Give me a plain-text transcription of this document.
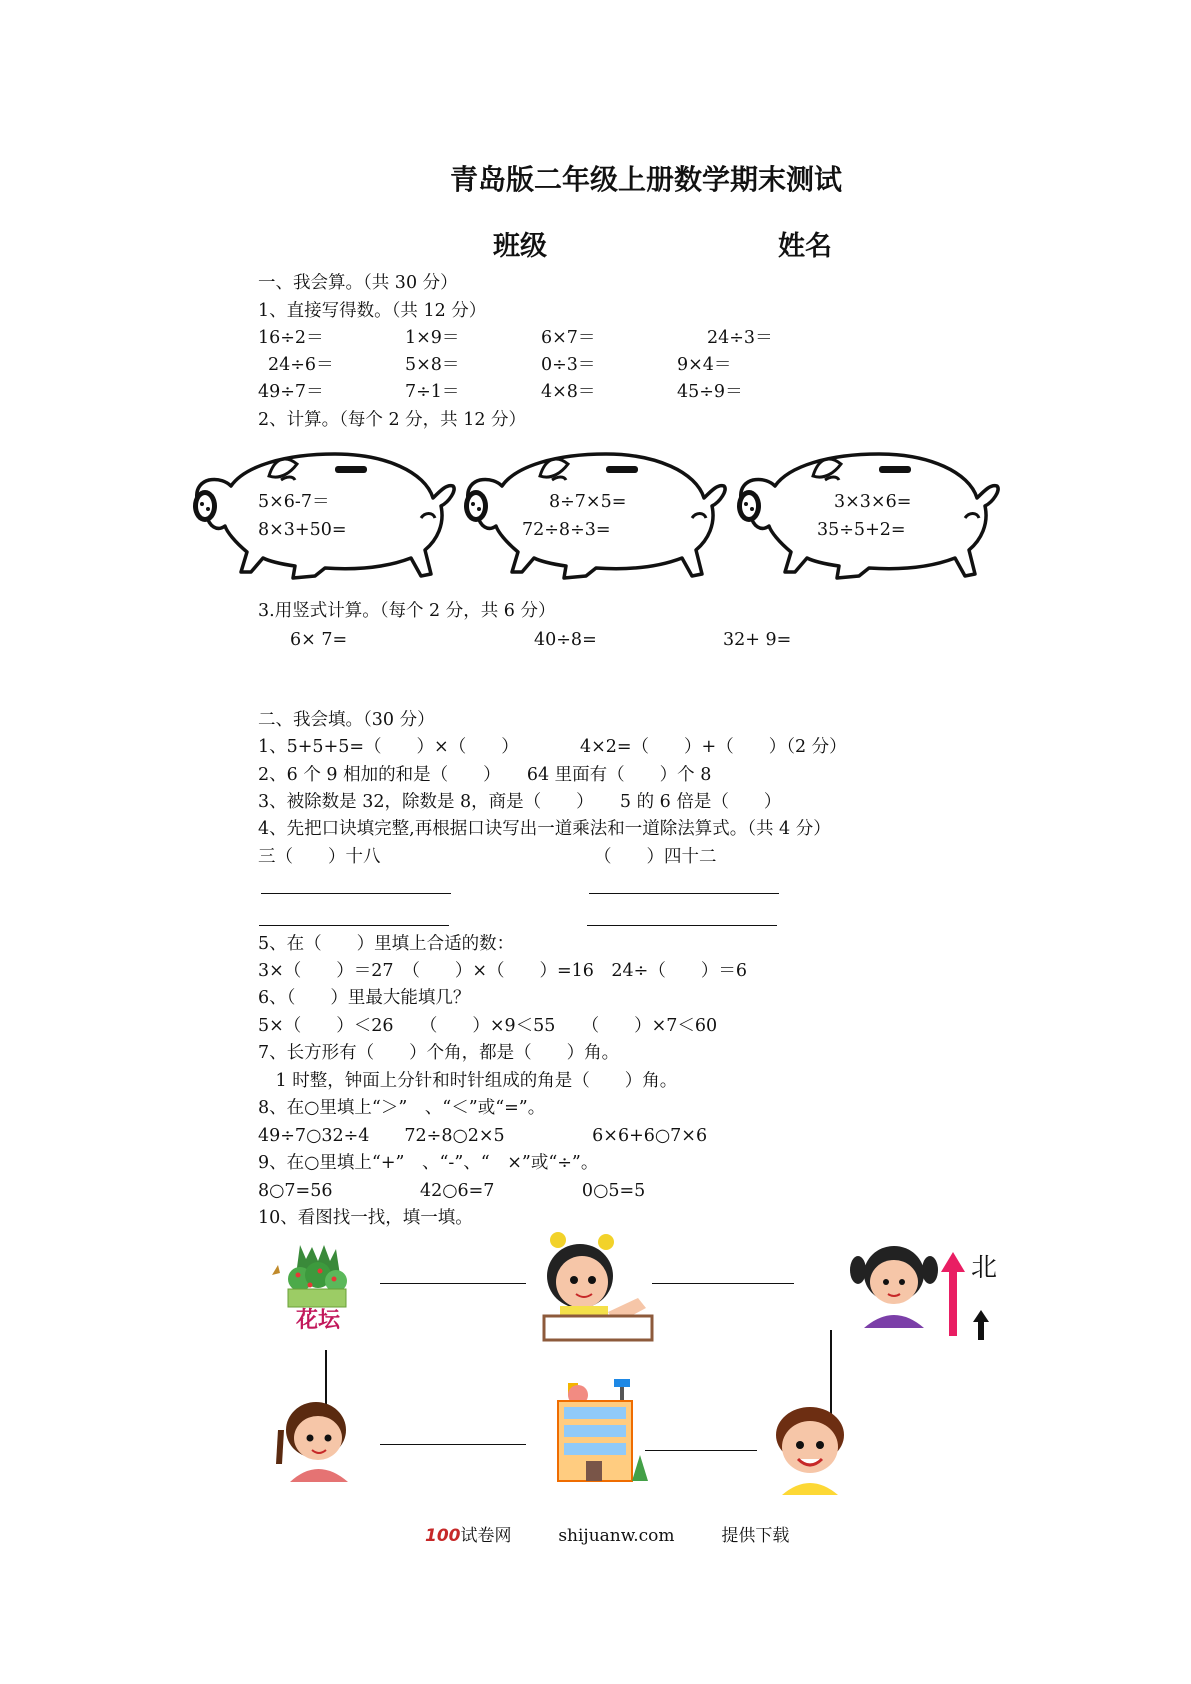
青岛版二年级上册数学期末测试
班级	姓名
一、我会算。（共 30 分）
1、直接写得数。（共 12 分）
16÷2＝	1×9＝	6×7＝	24÷3＝
24÷6＝	5×8＝	0÷3＝	9×4＝
49÷7＝	7÷1＝	4×8＝	45÷9＝
2、计算。（每个 2 分，共 12 分）
5×6-7＝
8×3+50=
8÷7×5=
72÷8÷3=
3×3×6=
35÷5+2=
3.用竖式计算。（每个 2 分，共 6 分）
6× 7=	40÷8=	32+ 9=
二、我会填。（30 分）
1、5+5+5=（　　）×（　　）　　　　4×2=（　　）+（　　）（2 分）
2、6 个 9 相加的和是（　　）　　64 里面有（　　）个 8
3、被除数是 32，除数是 8，商是（　　）　　5 的 6 倍是（　　）
4、先把口诀填完整,再根据口诀写出一道乘法和一道除法算式。（共 4 分）
三（　　）十八	（　　）四十二
5、在（　　）里填上合适的数：
3×（　　）＝27　（　　）×（　　）=16　24÷（　　）＝6
6、（　　）里最大能填几？
5×（　　）＜26　　（　　）×9＜55　　（　　）×7＜60
7、长方形有（　　）个角，都是（　　）角。
　1 时整，钟面上分针和时针组成的角是（　　）角。
8、在○里填上“＞”　、“＜”或“=”。
49÷7○32÷4　　72÷8○2×5　　　　　6×6+6○7×6
9、在○里填上“+”　、“-”、“　×”或“÷”。
8○7=56　　　　　42○6=7　　　　　0○5=5
10、看图找一找，填一填。
花坛
北
100试卷网	shijuanw.com	提供下载
